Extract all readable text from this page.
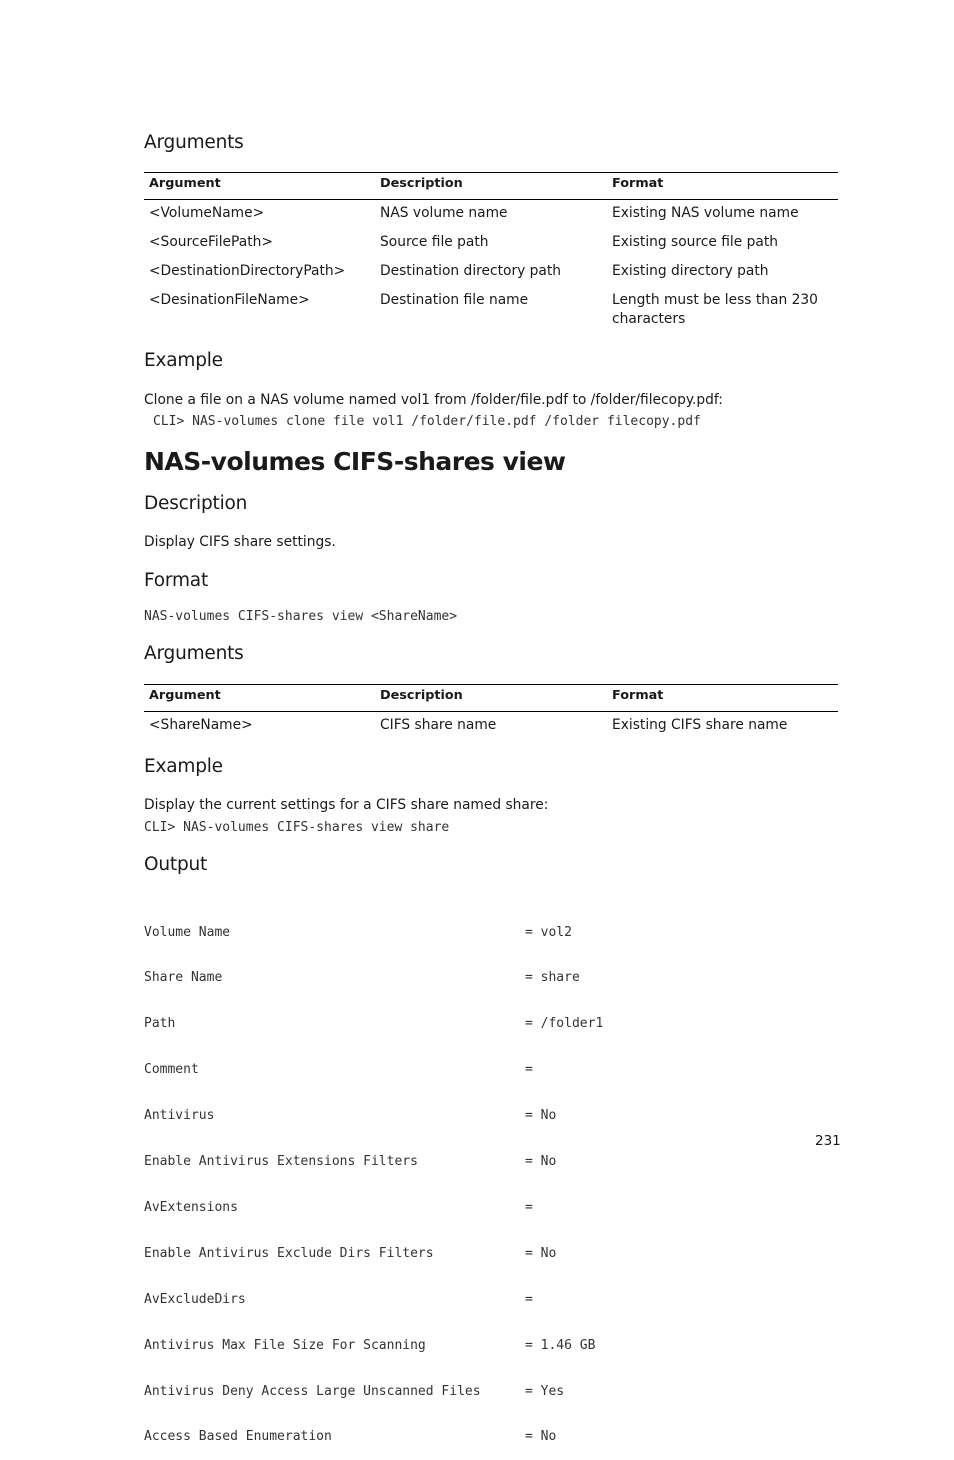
Arguments
Argument	Description	Format
<VolumeName>	NAS volume name	Existing NAS volume name
<SourceFilePath>	Source file path	Existing source file path
<DestinationDirectoryPath>	Destination directory path	Existing directory path
<DesinationFileName>	Destination file name	Length must be less than 230 characters
Example
Clone a file on a NAS volume named vol1 from /folder/file.pdf to /folder/filecopy.pdf:
CLI> NAS-volumes clone file vol1 /folder/file.pdf /folder filecopy.pdf
NAS-volumes CIFS-shares view
Description
Display CIFS share settings.
Format
NAS-volumes CIFS-shares view <ShareName>
Arguments
Argument	Description	Format
<ShareName>	CIFS share name	Existing CIFS share name
Example
Display the current settings for a CIFS share named share:
CLI> NAS-volumes CIFS-shares view share
Output

Volume Name	= vol2

Share Name	= share

Path	= /folder1

Comment	=

Antivirus	= No

Enable Antivirus Extensions Filters	= No

AvExtensions	=

Enable Antivirus Exclude Dirs Filters	= No

AvExcludeDirs	=

Antivirus Max File Size For Scanning	= 1.46 GB

Antivirus Deny Access Large Unscanned Files	= Yes

Access Based Enumeration	= No

231
